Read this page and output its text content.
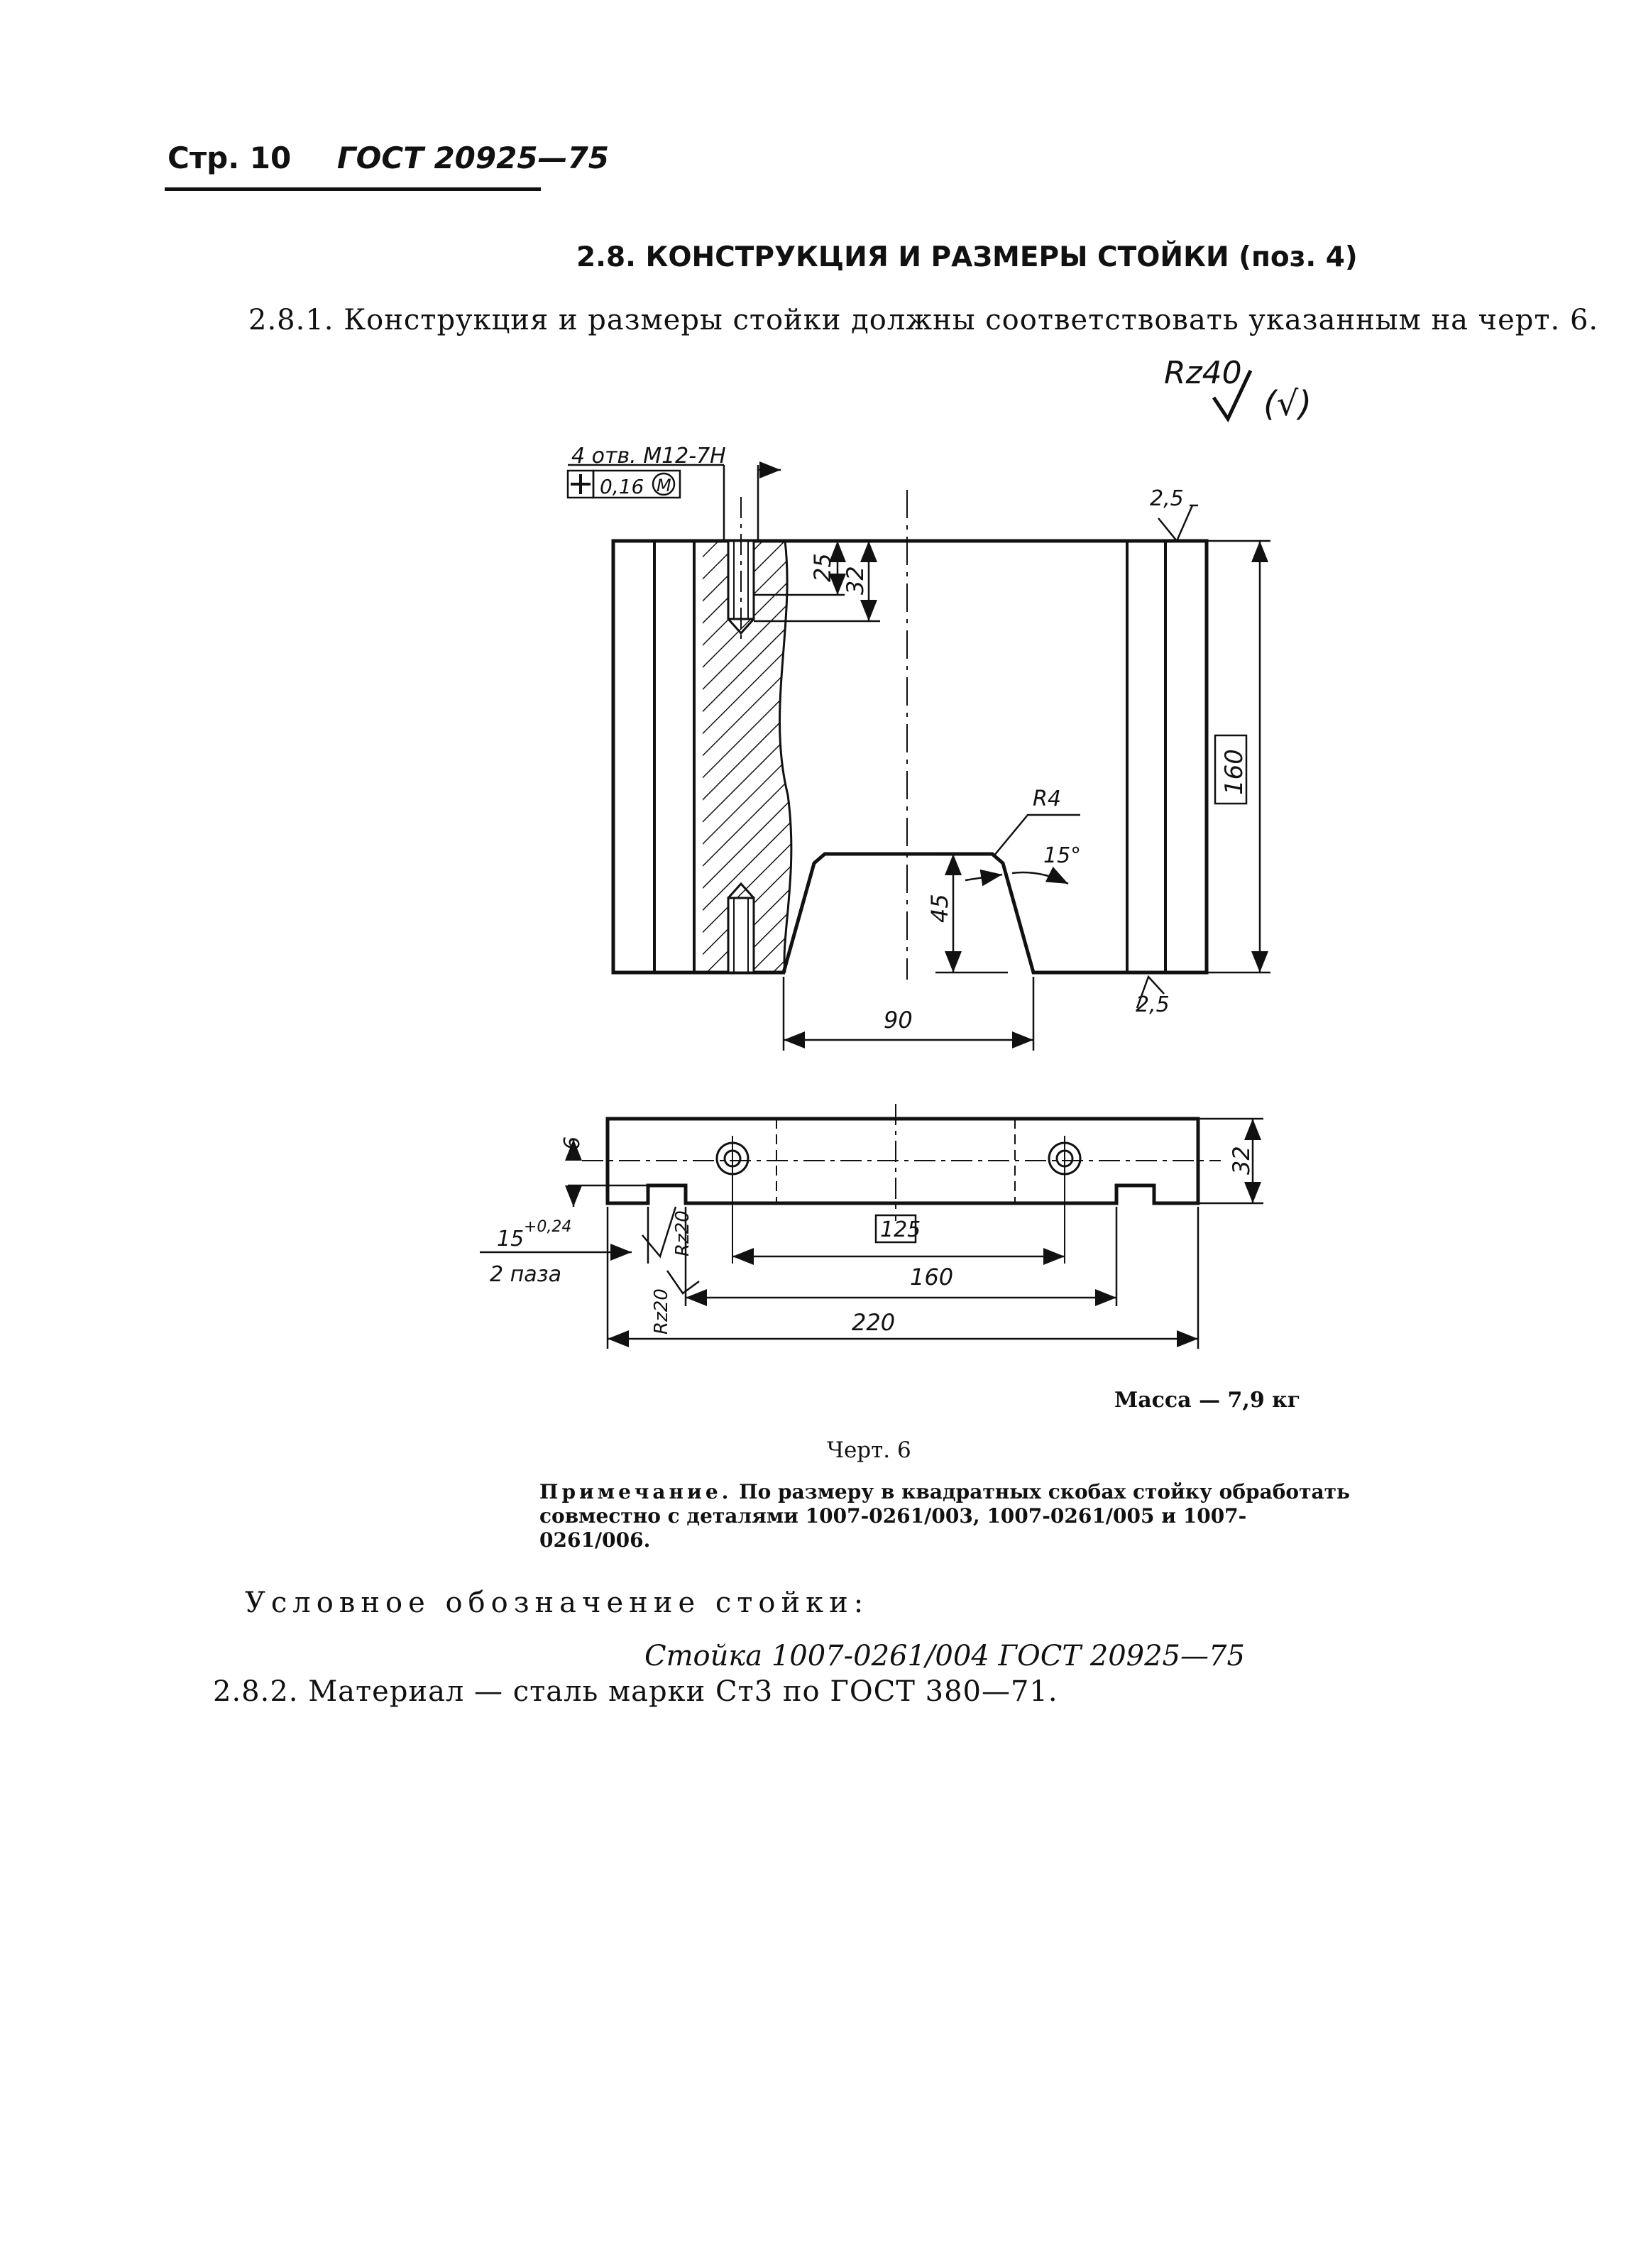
Стр. 10 ГОСТ 20925—75
2.8. КОНСТРУКЦИЯ И РАЗМЕРЫ СТОЙКИ (поз. 4)
2.8.1. Конструкция и размеры стойки должны соответствовать указанным на черт. 6.
Rz40
(√)
4 отв. M12-7H
0,16 M
25 32
160
R4
15°
45
90
2,5
2,5
6
32
125
160
220
15 +0,24
2 паза
Rz20
Rz20
Масса — 7,9 кг
Черт. 6
Примечание. По размеру в квадратных скобах стойку обработать совместно с деталями 1007-0261/003, 1007-0261/005 и 1007-0261/006.
Условное обозначение стойки:
Стойка 1007-0261/004 ГОСТ 20925—75
2.8.2. Материал — сталь марки Ст3 по ГОСТ 380—71.
